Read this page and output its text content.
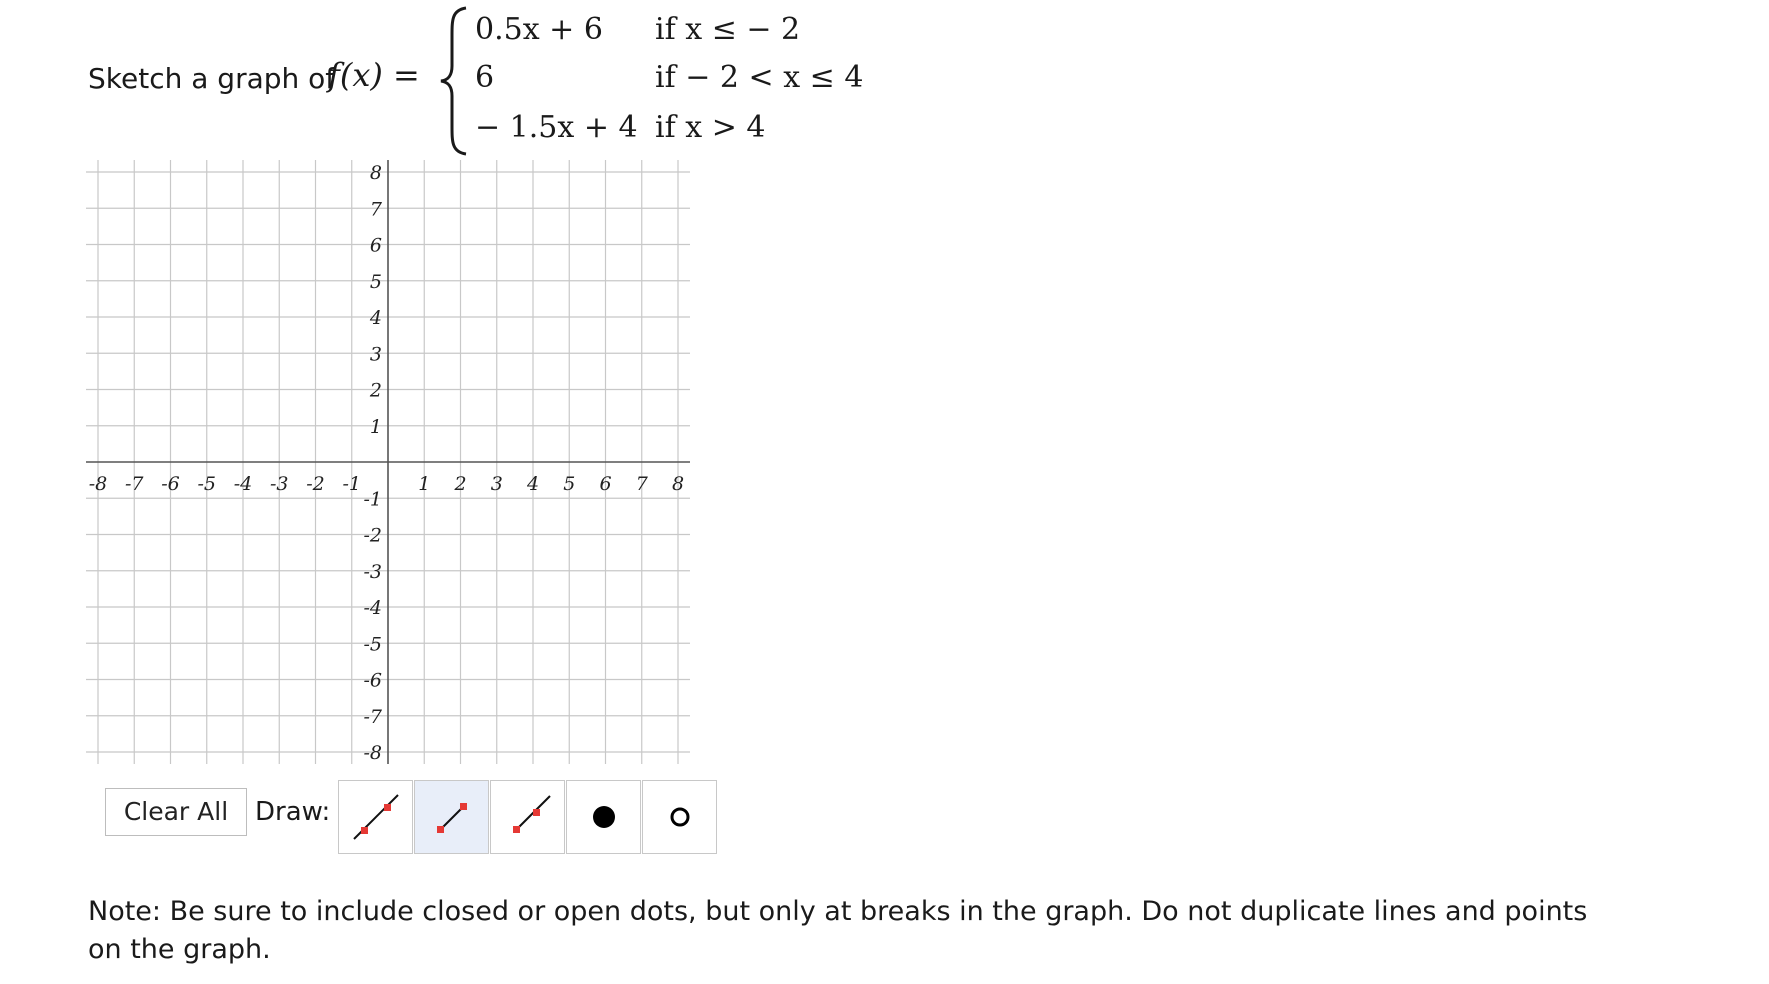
Sketch a graph of
f(x) =
0.5x + 6 if x ≤ − 2
6	if − 2 < x ≤ 4
− 1.5x + 4 if x > 4
-8 -7 -6 -5 -4 -3 -2 -1	1 2 3 4 5 6 7 8
8
7
6
5
4
3
2
1
-1
-2
-3
-4
-5
-6
-7
-8
Clear All	Draw:
Note: Be sure to include closed or open dots, but only at breaks in the graph. Do not duplicate lines and points on the graph.
